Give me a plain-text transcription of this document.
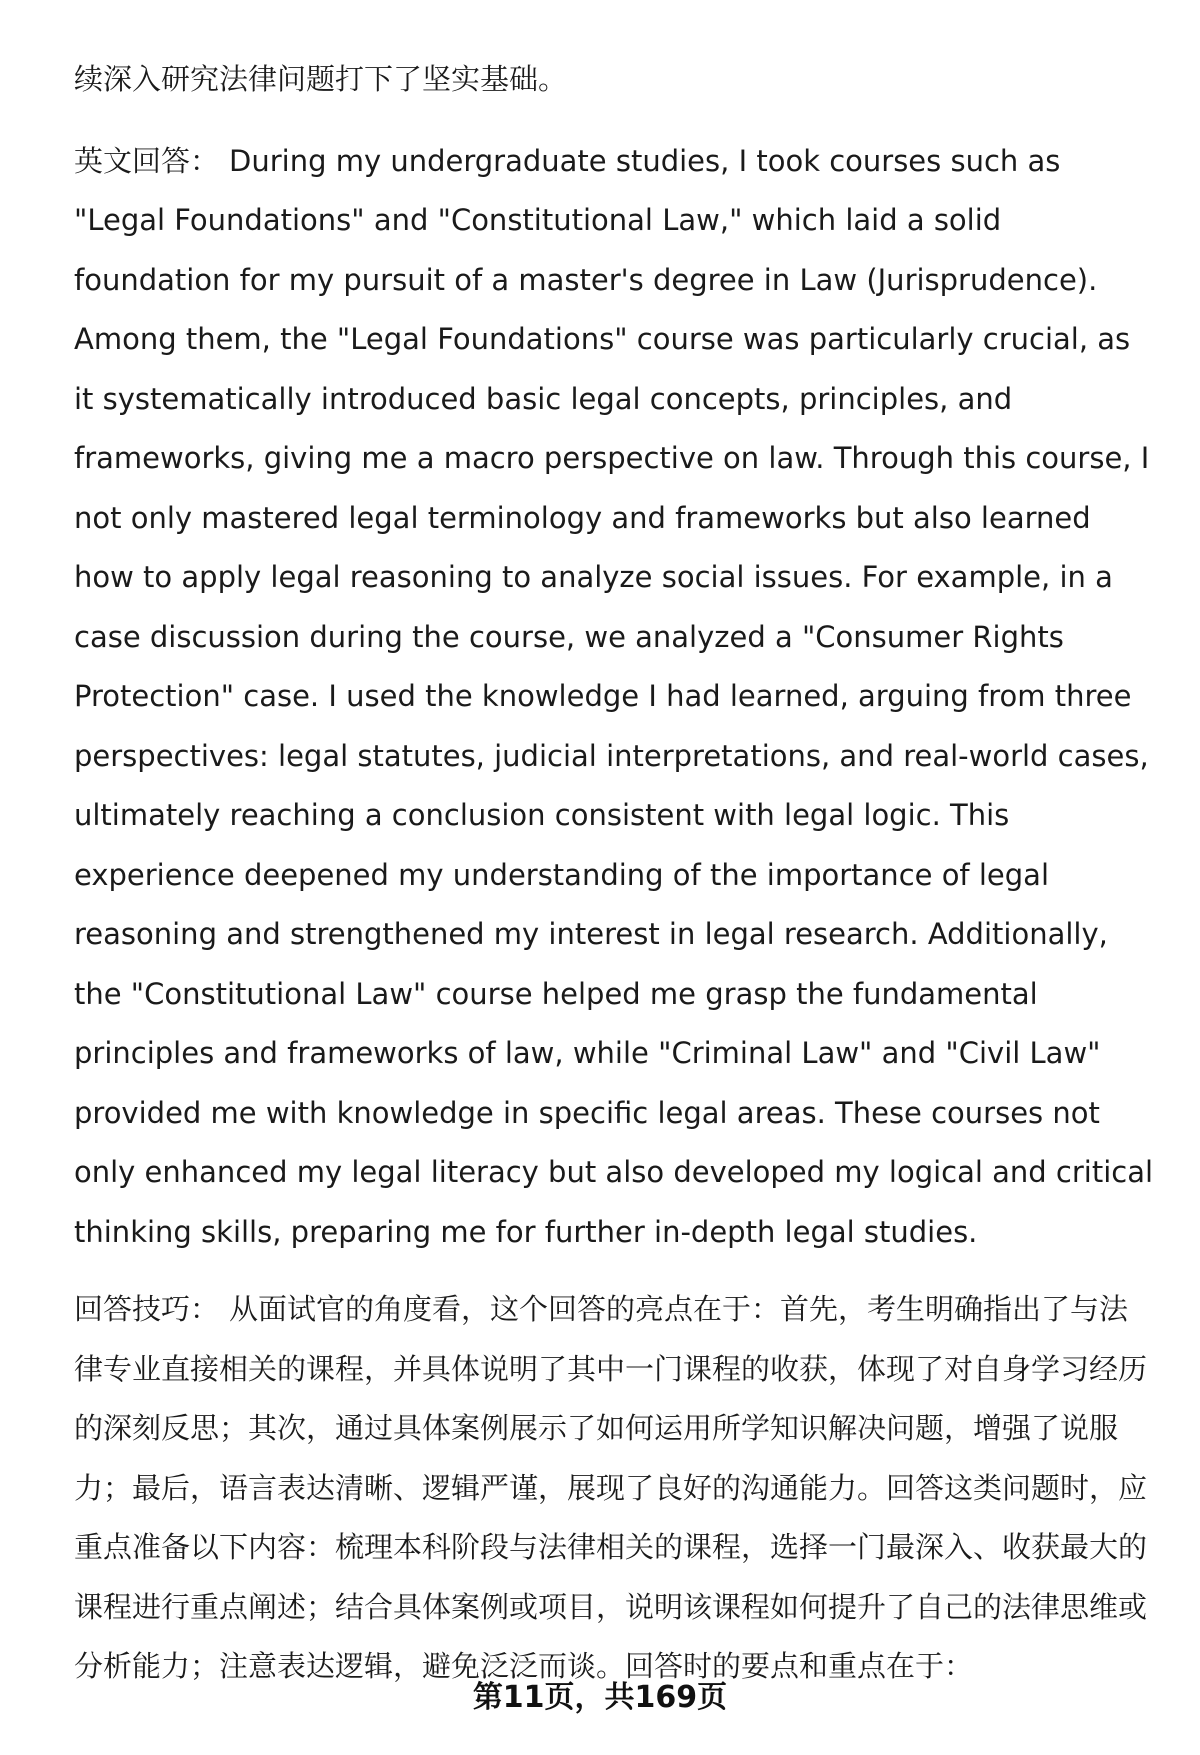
​

续深入研究法律问题打下了坚实基础。

英文回答： During my undergraduate studies, I took courses such as "Legal Foundations" and "Constitutional Law," which laid a solid foundation for my pursuit of a master's degree in Law (Jurisprudence). Among them, the "Legal Foundations" course was particularly crucial, as it systematically introduced basic legal concepts, principles, and frameworks, giving me a macro perspective on law. Through this course, I not only mastered legal terminology and frameworks but also learned how to apply legal reasoning to analyze social issues. For example, in a case discussion during the course, we analyzed a "Consumer Rights Protection" case. I used the knowledge I had learned, arguing from three perspectives: legal statutes, judicial interpretations, and real-world cases, ultimately reaching a conclusion consistent with legal logic. This experience deepened my understanding of the importance of legal reasoning and strengthened my interest in legal research. Additionally, the "Constitutional Law" course helped me grasp the fundamental principles and frameworks of law, while "Criminal Law" and "Civil Law" provided me with knowledge in specific legal areas. These courses not only enhanced my legal literacy but also developed my logical and critical thinking skills, preparing me for further in-depth legal studies.

回答技巧： 从面试官的角度看，这个回答的亮点在于：首先，考生明确指出了与法律专业直接相关的课程，并具体说明了其中一门课程的收获，体现了对自身学习经历的深刻反思；其次，通过具体案例展示了如何运用所学知识解决问题，增强了说服力；最后，语言表达清晰、逻辑严谨，展现了良好的沟通能力。回答这类问题时，应重点准备以下内容：梳理本科阶段与法律相关的课程，选择一门最深入、收获最大的课程进行重点阐述；结合具体案例或项目，说明该课程如何提升了自己的法律思维或分析能力；注意表达逻辑，避免泛泛而谈。回答时的要点和重点在于：

第11页，共169页
